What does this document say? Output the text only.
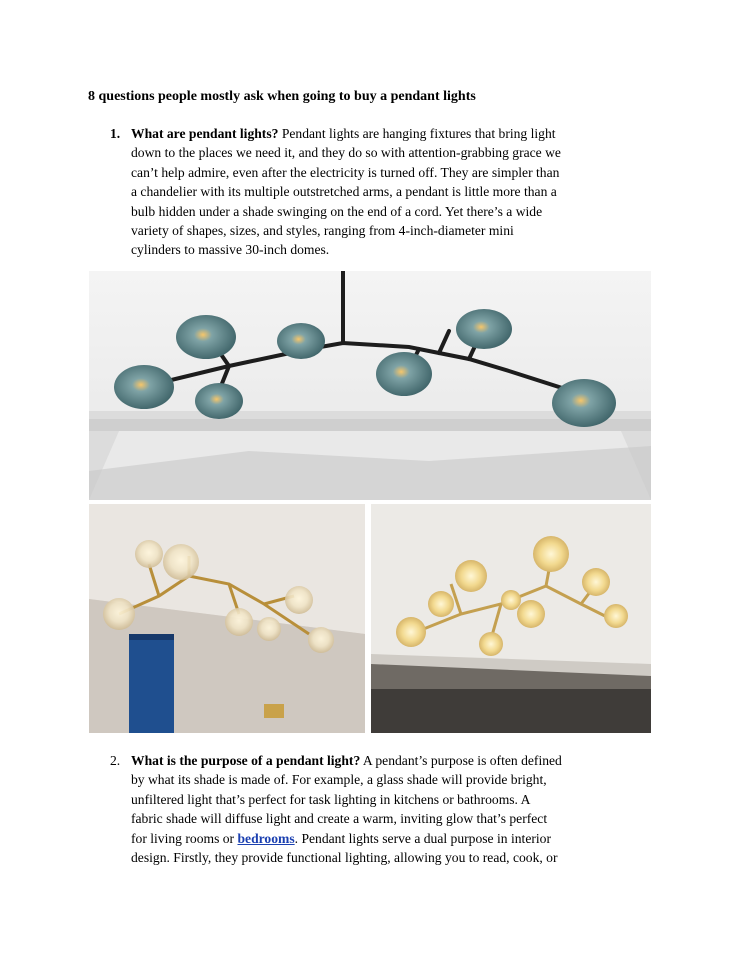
8 questions people mostly ask when going to buy a pendant lights
1. What are pendant lights? Pendant lights are hanging fixtures that bring light
down to the places we need it, and they do so with attention-grabbing grace we
can’t help admire, even after the electricity is turned off. They are simpler than
a chandelier with its multiple outstretched arms, a pendant is little more than a
bulb hidden under a shade swinging on the end of a cord. Yet there’s a wide
variety of shapes, sizes, and styles, ranging from 4-inch-diameter mini
cylinders to massive 30-inch domes.
2. What is the purpose of a pendant light? A pendant’s purpose is often defined
by what its shade is made of. For example, a glass shade will provide bright,
unfiltered light that’s perfect for task lighting in kitchens or bathrooms. A
fabric shade will diffuse light and create a warm, inviting glow that’s perfect
for living rooms or bedrooms. Pendant lights serve a dual purpose in interior
design. Firstly, they provide functional lighting, allowing you to read, cook, or
